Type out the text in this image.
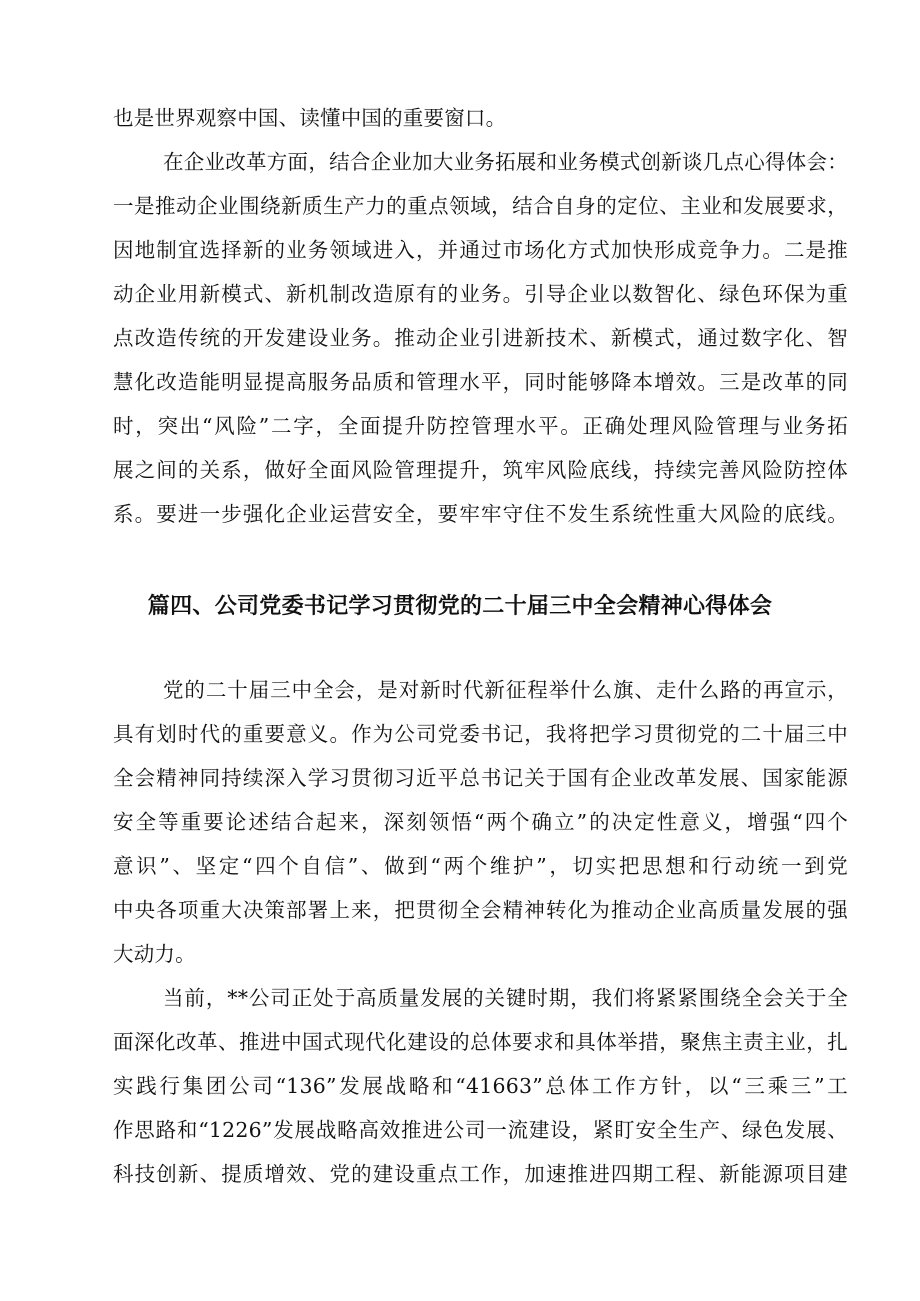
也是世界观察中国、读懂中国的重要窗口。
在企业改革方面，结合企业加大业务拓展和业务模式创新谈几点心得体会：
一是推动企业围绕新质生产力的重点领域，结合自身的定位、主业和发展要求，
因地制宜选择新的业务领域进入，并通过市场化方式加快形成竞争力。二是推
动企业用新模式、新机制改造原有的业务。引导企业以数智化、绿色环保为重
点改造传统的开发建设业务。推动企业引进新技术、新模式，通过数字化、智
慧化改造能明显提高服务品质和管理水平，同时能够降本增效。三是改革的同
时，突出“风险”二字，全面提升防控管理水平。正确处理风险管理与业务拓
展之间的关系，做好全面风险管理提升，筑牢风险底线，持续完善风险防控体
系。要进一步强化企业运营安全，要牢牢守住不发生系统性重大风险的底线。
篇四、公司党委书记学习贯彻党的二十届三中全会精神心得体会
党的二十届三中全会，是对新时代新征程举什么旗、走什么路的再宣示，
具有划时代的重要意义。作为公司党委书记，我将把学习贯彻党的二十届三中
全会精神同持续深入学习贯彻习近平总书记关于国有企业改革发展、国家能源
安全等重要论述结合起来，深刻领悟“两个确立”的决定性意义，增强“四个
意识”、坚定“四个自信”、做到“两个维护”，切实把思想和行动统一到党
中央各项重大决策部署上来，把贯彻全会精神转化为推动企业高质量发展的强
大动力。
当前，**公司正处于高质量发展的关键时期，我们将紧紧围绕全会关于全
面深化改革、推进中国式现代化建设的总体要求和具体举措，聚焦主责主业，扎
实践行集团公司“136”发展战略和“41663”总体工作方针，以“三乘三”工
作思路和“1226”发展战略高效推进公司一流建设，紧盯安全生产、绿色发展、
科技创新、提质增效、党的建设重点工作，加速推进四期工程、新能源项目建
